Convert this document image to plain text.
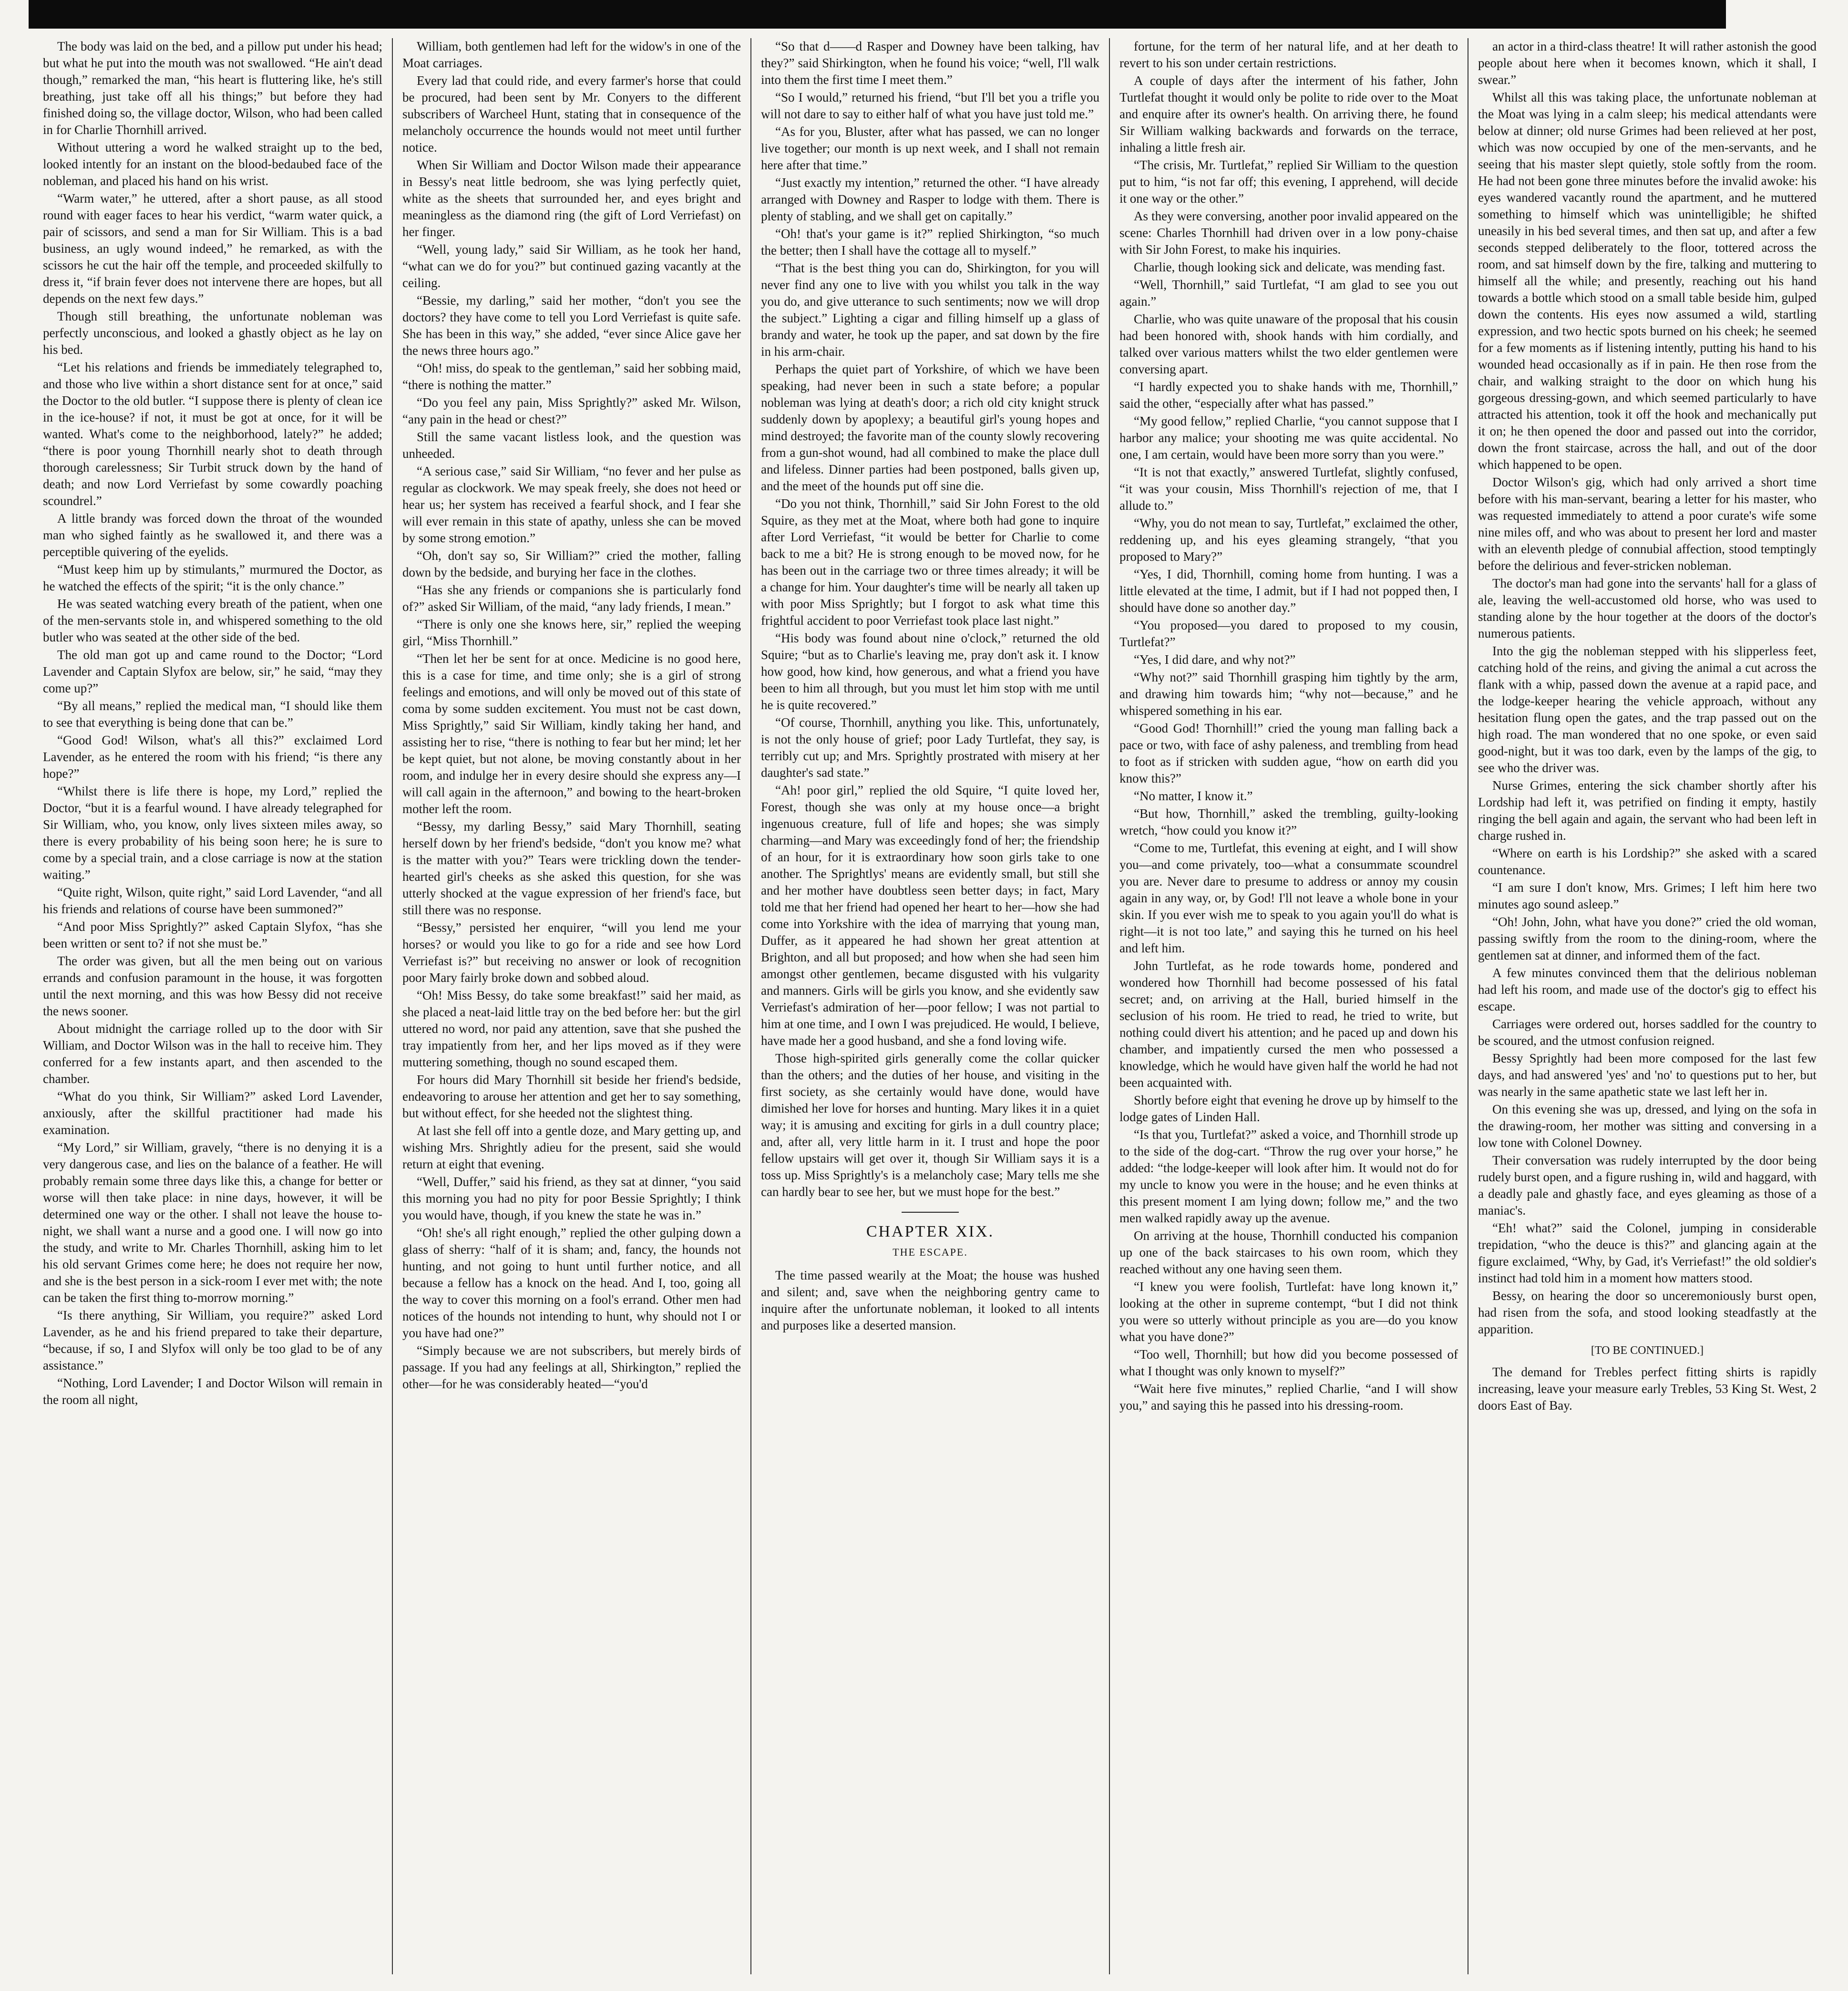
The body was laid on the bed, and a pillow put under his head; but what he put into the mouth was not swallowed. “He ain't dead though,” remarked the man, “his heart is fluttering like, he's still breathing, just take off all his things;” but before they had finished doing so, the village doctor, Wilson, who had been called in for Charlie Thornhill arrived.

Without uttering a word he walked straight up to the bed, looked intently for an instant on the blood-bedaubed face of the nobleman, and placed his hand on his wrist.

“Warm water,” he uttered, after a short pause, as all stood round with eager faces to hear his verdict, “warm water quick, a pair of scissors, and send a man for Sir William. This is a bad business, an ugly wound indeed,” he remarked, as with the scissors he cut the hair off the temple, and proceeded skilfully to dress it, “if brain fever does not intervene there are hopes, but all depends on the next few days.”

Though still breathing, the unfortunate nobleman was perfectly unconscious, and looked a ghastly object as he lay on his bed.

“Let his relations and friends be immediately telegraphed to, and those who live within a short distance sent for at once,” said the Doctor to the old butler. “I suppose there is plenty of clean ice in the ice-house? if not, it must be got at once, for it will be wanted. What's come to the neighborhood, lately?” he added; “there is poor young Thornhill nearly shot to death through thorough carelessness; Sir Turbit struck down by the hand of death; and now Lord Verriefast by some cowardly poaching scoundrel.”

A little brandy was forced down the throat of the wounded man who sighed faintly as he swallowed it, and there was a perceptible quivering of the eyelids.

“Must keep him up by stimulants,” murmured the Doctor, as he watched the effects of the spirit; “it is the only chance.”

He was seated watching every breath of the patient, when one of the men-servants stole in, and whispered something to the old butler who was seated at the other side of the bed.

The old man got up and came round to the Doctor; “Lord Lavender and Captain Slyfox are below, sir,” he said, “may they come up?”

“By all means,” replied the medical man, “I should like them to see that everything is being done that can be.”

“Good God! Wilson, what's all this?” exclaimed Lord Lavender, as he entered the room with his friend; “is there any hope?”

“Whilst there is life there is hope, my Lord,” replied the Doctor, “but it is a fearful wound. I have already telegraphed for Sir William, who, you know, only lives sixteen miles away, so there is every probability of his being soon here; he is sure to come by a special train, and a close carriage is now at the station waiting.”

“Quite right, Wilson, quite right,” said Lord Lavender, “and all his friends and relations of course have been summoned?”

“And poor Miss Sprightly?” asked Captain Slyfox, “has she been written or sent to? if not she must be.”

The order was given, but all the men being out on various errands and confusion paramount in the house, it was forgotten until the next morning, and this was how Bessy did not receive the news sooner.

About midnight the carriage rolled up to the door with Sir William, and Doctor Wilson was in the hall to receive him. They conferred for a few instants apart, and then ascended to the chamber.

“What do you think, Sir William?” asked Lord Lavender, anxiously, after the skillful practitioner had made his examination.

“My Lord,” sir William, gravely, “there is no denying it is a very dangerous case, and lies on the balance of a feather. He will probably remain some three days like this, a change for better or worse will then take place: in nine days, however, it will be determined one way or the other. I shall not leave the house to-night, we shall want a nurse and a good one. I will now go into the study, and write to Mr. Charles Thornhill, asking him to let his old servant Grimes come here; he does not require her now, and she is the best person in a sick-room I ever met with; the note can be taken the first thing to-morrow morning.”

“Is there anything, Sir William, you require?” asked Lord Lavender, as he and his friend prepared to take their departure, “because, if so, I and Slyfox will only be too glad to be of any assistance.”

“Nothing, Lord Lavender; I and Doctor Wilson will remain in the room all night,

William, both gentlemen had left for the widow's in one of the Moat carriages.

Every lad that could ride, and every farmer's horse that could be procured, had been sent by Mr. Conyers to the different subscribers of Warcheel Hunt, stating that in consequence of the melancholy occurrence the hounds would not meet until further notice.

When Sir William and Doctor Wilson made their appearance in Bessy's neat little bedroom, she was lying perfectly quiet, white as the sheets that surrounded her, and eyes bright and meaningless as the diamond ring (the gift of Lord Verriefast) on her finger.

“Well, young lady,” said Sir William, as he took her hand, “what can we do for you?” but continued gazing vacantly at the ceiling.

“Bessie, my darling,” said her mother, “don't you see the doctors? they have come to tell you Lord Verriefast is quite safe. She has been in this way,” she added, “ever since Alice gave her the news three hours ago.”

“Oh! miss, do speak to the gentleman,” said her sobbing maid, “there is nothing the matter.”

“Do you feel any pain, Miss Sprightly?” asked Mr. Wilson, “any pain in the head or chest?”

Still the same vacant listless look, and the question was unheeded.

“A serious case,” said Sir William, “no fever and her pulse as regular as clockwork. We may speak freely, she does not heed or hear us; her system has received a fearful shock, and I fear she will ever remain in this state of apathy, unless she can be moved by some strong emotion.”

“Oh, don't say so, Sir William?” cried the mother, falling down by the bedside, and burying her face in the clothes.

“Has she any friends or companions she is particularly fond of?” asked Sir William, of the maid, “any lady friends, I mean.”

“There is only one she knows here, sir,” replied the weeping girl, “Miss Thornhill.”

“Then let her be sent for at once. Medicine is no good here, this is a case for time, and time only; she is a girl of strong feelings and emotions, and will only be moved out of this state of coma by some sudden excitement. You must not be cast down, Miss Sprightly,” said Sir William, kindly taking her hand, and assisting her to rise, “there is nothing to fear but her mind; let her be kept quiet, but not alone, be moving constantly about in her room, and indulge her in every desire should she express any—I will call again in the afternoon,” and bowing to the heart-broken mother left the room.

“Bessy, my darling Bessy,” said Mary Thornhill, seating herself down by her friend's bedside, “don't you know me? what is the matter with you?” Tears were trickling down the tender-hearted girl's cheeks as she asked this question, for she was utterly shocked at the vague expression of her friend's face, but still there was no response.

“Bessy,” persisted her enquirer, “will you lend me your horses? or would you like to go for a ride and see how Lord Verriefast is?” but receiving no answer or look of recognition poor Mary fairly broke down and sobbed aloud.

“Oh! Miss Bessy, do take some breakfast!” said her maid, as she placed a neat-laid little tray on the bed before her: but the girl uttered no word, nor paid any attention, save that she pushed the tray impatiently from her, and her lips moved as if they were muttering something, though no sound escaped them.

For hours did Mary Thornhill sit beside her friend's bedside, endeavoring to arouse her attention and get her to say something, but without effect, for she heeded not the slightest thing.

At last she fell off into a gentle doze, and Mary getting up, and wishing Mrs. Shrightly adieu for the present, said she would return at eight that evening.

“Well, Duffer,” said his friend, as they sat at dinner, “you said this morning you had no pity for poor Bessie Sprightly; I think you would have, though, if you knew the state he was in.”

“Oh! she's all right enough,” replied the other gulping down a glass of sherry: “half of it is sham; and, fancy, the hounds not hunting, and not going to hunt until further notice, and all because a fellow has a knock on the head. And I, too, going all the way to cover this morning on a fool's errand. Other men had notices of the hounds not intending to hunt, why should not I or you have had one?”

“Simply because we are not subscribers, but merely birds of passage. If you had any feelings at all, Shirkington,” replied the other—for he was considerably heated—“you'd

“So that d——d Rasper and Downey have been talking, hav they?” said Shirkington, when he found his voice; “well, I'll walk into them the first time I meet them.”

“So I would,” returned his friend, “but I'll bet you a trifle you will not dare to say to either half of what you have just told me.”

“As for you, Bluster, after what has passed, we can no longer live together; our month is up next week, and I shall not remain here after that time.”

“Just exactly my intention,” returned the other. “I have already arranged with Downey and Rasper to lodge with them. There is plenty of stabling, and we shall get on capitally.”

“Oh! that's your game is it?” replied Shirkington, “so much the better; then I shall have the cottage all to myself.”

“That is the best thing you can do, Shirkington, for you will never find any one to live with you whilst you talk in the way you do, and give utterance to such sentiments; now we will drop the subject.” Lighting a cigar and filling himself up a glass of brandy and water, he took up the paper, and sat down by the fire in his arm-chair.

Perhaps the quiet part of Yorkshire, of which we have been speaking, had never been in such a state before; a popular nobleman was lying at death's door; a rich old city knight struck suddenly down by apoplexy; a beautiful girl's young hopes and mind destroyed; the favorite man of the county slowly recovering from a gun-shot wound, had all combined to make the place dull and lifeless. Dinner parties had been postponed, balls given up, and the meet of the hounds put off sine die.

“Do you not think, Thornhill,” said Sir John Forest to the old Squire, as they met at the Moat, where both had gone to inquire after Lord Verriefast, “it would be better for Charlie to come back to me a bit? He is strong enough to be moved now, for he has been out in the carriage two or three times already; it will be a change for him. Your daughter's time will be nearly all taken up with poor Miss Sprightly; but I forgot to ask what time this frightful accident to poor Verriefast took place last night.”

“His body was found about nine o'clock,” returned the old Squire; “but as to Charlie's leaving me, pray don't ask it. I know how good, how kind, how generous, and what a friend you have been to him all through, but you must let him stop with me until he is quite recovered.”

“Of course, Thornhill, anything you like. This, unfortunately, is not the only house of grief; poor Lady Turtlefat, they say, is terribly cut up; and Mrs. Sprightly prostrated with misery at her daughter's sad state.”

“Ah! poor girl,” replied the old Squire, “I quite loved her, Forest, though she was only at my house once—a bright ingenuous creature, full of life and hopes; she was simply charming—and Mary was exceedingly fond of her; the friendship of an hour, for it is extraordinary how soon girls take to one another. The Sprightlys' means are evidently small, but still she and her mother have doubtless seen better days; in fact, Mary told me that her friend had opened her heart to her—how she had come into Yorkshire with the idea of marrying that young man, Duffer, as it appeared he had shown her great attention at Brighton, and all but proposed; and how when she had seen him amongst other gentlemen, became disgusted with his vulgarity and manners. Girls will be girls you know, and she evidently saw Verriefast's admiration of her—poor fellow; I was not partial to him at one time, and I own I was prejudiced. He would, I believe, have made her a good husband, and she a fond loving wife.

Those high-spirited girls generally come the collar quicker than the others; and the duties of her house, and visiting in the first society, as she certainly would have done, would have dimished her love for horses and hunting. Mary likes it in a quiet way; it is amusing and exciting for girls in a dull country place; and, after all, very little harm in it. I trust and hope the poor fellow upstairs will get over it, though Sir William says it is a toss up. Miss Sprightly's is a melancholy case; Mary tells me she can hardly bear to see her, but we must hope for the best.”

CHAPTER XIX.
THE ESCAPE.

The time passed wearily at the Moat; the house was hushed and silent; and, save when the neighboring gentry came to inquire after the unfortunate nobleman, it looked to all intents and purposes like a deserted mansion.

fortune, for the term of her natural life, and at her death to revert to his son under certain restrictions.

A couple of days after the interment of his father, John Turtlefat thought it would only be polite to ride over to the Moat and enquire after its owner's health. On arriving there, he found Sir William walking backwards and forwards on the terrace, inhaling a little fresh air.

“The crisis, Mr. Turtlefat,” replied Sir William to the question put to him, “is not far off; this evening, I apprehend, will decide it one way or the other.”

As they were conversing, another poor invalid appeared on the scene: Charles Thornhill had driven over in a low pony-chaise with Sir John Forest, to make his inquiries.

Charlie, though looking sick and delicate, was mending fast.

“Well, Thornhill,” said Turtlefat, “I am glad to see you out again.”

Charlie, who was quite unaware of the proposal that his cousin had been honored with, shook hands with him cordially, and talked over various matters whilst the two elder gentlemen were conversing apart.

“I hardly expected you to shake hands with me, Thornhill,” said the other, “especially after what has passed.”

“My good fellow,” replied Charlie, “you cannot suppose that I harbor any malice; your shooting me was quite accidental. No one, I am certain, would have been more sorry than you were.”

“It is not that exactly,” answered Turtlefat, slightly confused, “it was your cousin, Miss Thornhill's rejection of me, that I allude to.”

“Why, you do not mean to say, Turtlefat,” exclaimed the other, reddening up, and his eyes gleaming strangely, “that you proposed to Mary?”

“Yes, I did, Thornhill, coming home from hunting. I was a little elevated at the time, I admit, but if I had not popped then, I should have done so another day.”

“You proposed—you dared to proposed to my cousin, Turtlefat?”

“Yes, I did dare, and why not?”

“Why not?” said Thornhill grasping him tightly by the arm, and drawing him towards him; “why not—because,” and he whispered something in his ear.

“Good God! Thornhill!” cried the young man falling back a pace or two, with face of ashy paleness, and trembling from head to foot as if stricken with sudden ague, “how on earth did you know this?”

“No matter, I know it.”

“But how, Thornhill,” asked the trembling, guilty-looking wretch, “how could you know it?”

“Come to me, Turtlefat, this evening at eight, and I will show you—and come privately, too—what a consummate scoundrel you are. Never dare to presume to address or annoy my cousin again in any way, or, by God! I'll not leave a whole bone in your skin. If you ever wish me to speak to you again you'll do what is right—it is not too late,” and saying this he turned on his heel and left him.

John Turtlefat, as he rode towards home, pondered and wondered how Thornhill had become possessed of his fatal secret; and, on arriving at the Hall, buried himself in the seclusion of his room. He tried to read, he tried to write, but nothing could divert his attention; and he paced up and down his chamber, and impatiently cursed the men who possessed a knowledge, which he would have given half the world he had not been acquainted with.

Shortly before eight that evening he drove up by himself to the lodge gates of Linden Hall.

“Is that you, Turtlefat?” asked a voice, and Thornhill strode up to the side of the dog-cart. “Throw the rug over your horse,” he added: “the lodge-keeper will look after him. It would not do for my uncle to know you were in the house; and he even thinks at this present moment I am lying down; follow me,” and the two men walked rapidly away up the avenue.

On arriving at the house, Thornhill conducted his companion up one of the back staircases to his own room, which they reached without any one having seen them.

“I knew you were foolish, Turtlefat: have long known it,” looking at the other in supreme contempt, “but I did not think you were so utterly without principle as you are—do you know what you have done?”

“Too well, Thornhill; but how did you become possessed of what I thought was only known to myself?”

“Wait here five minutes,” replied Charlie, “and I will show you,” and saying this he passed into his dressing-room.

an actor in a third-class theatre! It will rather astonish the good people about here when it becomes known, which it shall, I swear.”

Whilst all this was taking place, the unfortunate nobleman at the Moat was lying in a calm sleep; his medical attendants were below at dinner; old nurse Grimes had been relieved at her post, which was now occupied by one of the men-servants, and he seeing that his master slept quietly, stole softly from the room. He had not been gone three minutes before the invalid awoke: his eyes wandered vacantly round the apartment, and he muttered something to himself which was unintelligible; he shifted uneasily in his bed several times, and then sat up, and after a few seconds stepped deliberately to the floor, tottered across the room, and sat himself down by the fire, talking and muttering to himself all the while; and presently, reaching out his hand towards a bottle which stood on a small table beside him, gulped down the contents. His eyes now assumed a wild, startling expression, and two hectic spots burned on his cheek; he seemed for a few moments as if listening intently, putting his hand to his wounded head occasionally as if in pain. He then rose from the chair, and walking straight to the door on which hung his gorgeous dressing-gown, and which seemed particularly to have attracted his attention, took it off the hook and mechanically put it on; he then opened the door and passed out into the corridor, down the front staircase, across the hall, and out of the door which happened to be open.

Doctor Wilson's gig, which had only arrived a short time before with his man-servant, bearing a letter for his master, who was requested immediately to attend a poor curate's wife some nine miles off, and who was about to present her lord and master with an eleventh pledge of connubial affection, stood temptingly before the delirious and fever-stricken nobleman.

The doctor's man had gone into the servants' hall for a glass of ale, leaving the well-accustomed old horse, who was used to standing alone by the hour together at the doors of the doctor's numerous patients.

Into the gig the nobleman stepped with his slipperless feet, catching hold of the reins, and giving the animal a cut across the flank with a whip, passed down the avenue at a rapid pace, and the lodge-keeper hearing the vehicle approach, without any hesitation flung open the gates, and the trap passed out on the high road. The man wondered that no one spoke, or even said good-night, but it was too dark, even by the lamps of the gig, to see who the driver was.

Nurse Grimes, entering the sick chamber shortly after his Lordship had left it, was petrified on finding it empty, hastily ringing the bell again and again, the servant who had been left in charge rushed in.

“Where on earth is his Lordship?” she asked with a scared countenance.

“I am sure I don't know, Mrs. Grimes; I left him here two minutes ago sound asleep.”

“Oh! John, John, what have you done?” cried the old woman, passing swiftly from the room to the dining-room, where the gentlemen sat at dinner, and informed them of the fact.

A few minutes convinced them that the delirious nobleman had left his room, and made use of the doctor's gig to effect his escape.

Carriages were ordered out, horses saddled for the country to be scoured, and the utmost confusion reigned.

Bessy Sprightly had been more composed for the last few days, and had answered 'yes' and 'no' to questions put to her, but was nearly in the same apathetic state we last left her in.

On this evening she was up, dressed, and lying on the sofa in the drawing-room, her mother was sitting and conversing in a low tone with Colonel Downey.

Their conversation was rudely interrupted by the door being rudely burst open, and a figure rushing in, wild and haggard, with a deadly pale and ghastly face, and eyes gleaming as those of a maniac's.

“Eh! what?” said the Colonel, jumping in considerable trepidation, “who the deuce is this?” and glancing again at the figure exclaimed, “Why, by Gad, it's Verriefast!” the old soldier's instinct had told him in a moment how matters stood.

Bessy, on hearing the door so unceremoniously burst open, had risen from the sofa, and stood looking steadfastly at the apparition.

[TO BE CONTINUED.]

The demand for Trebles perfect fitting shirts is rapidly increasing, leave your measure early Trebles, 53 King St. West, 2 doors East of Bay.
